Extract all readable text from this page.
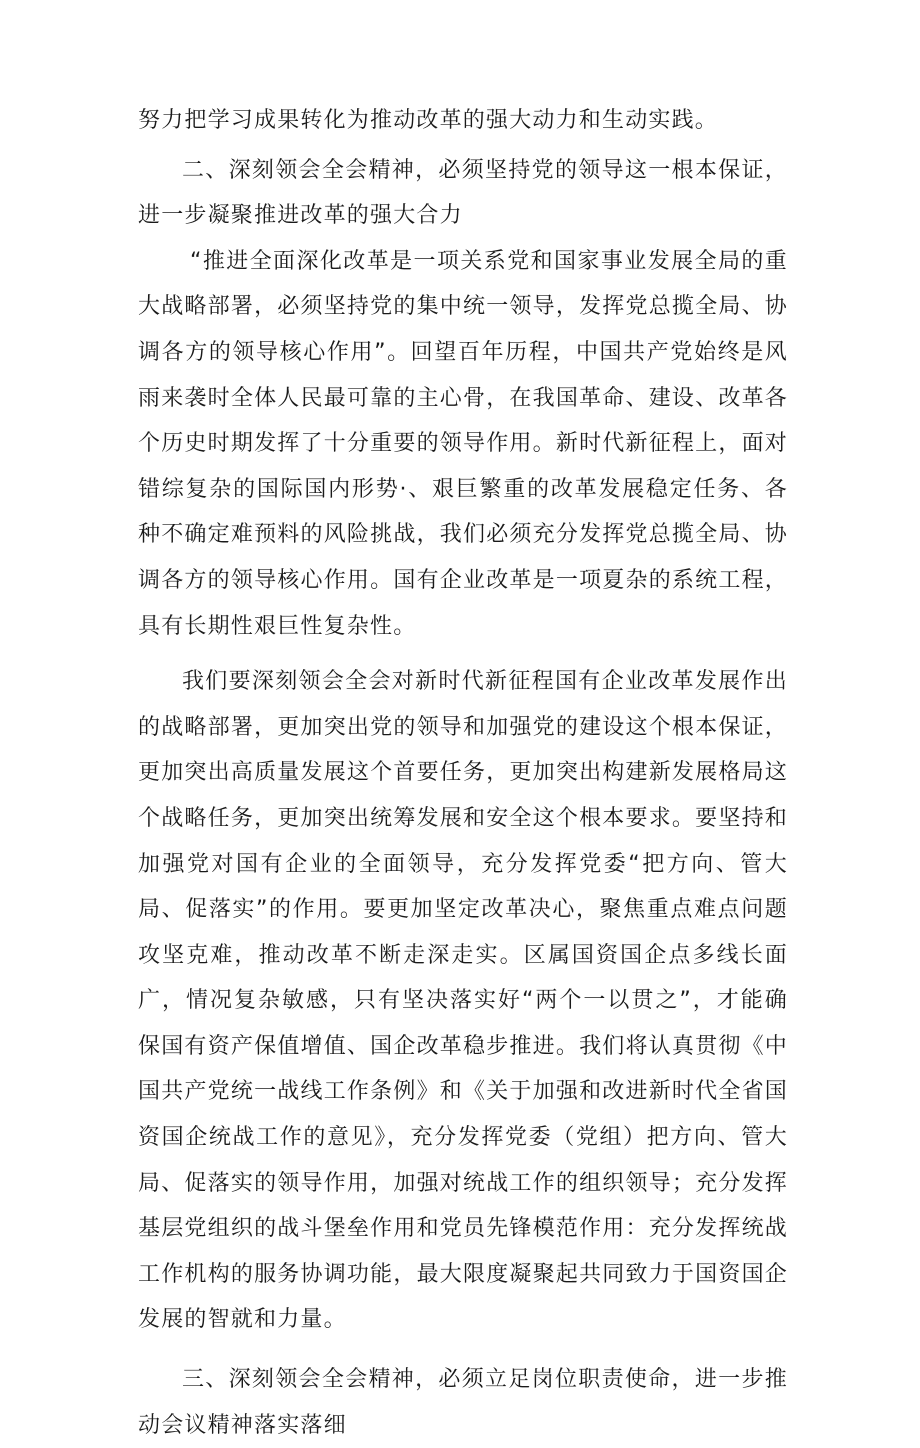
努力把学习成果转化为推动改革的强大动力和生动实践。

二、深刻领会全会精神，必须坚持党的领导这一根本保证，进一步凝聚推进改革的强大合力

“推进全面深化改革是一项关系党和国家事业发展全局的重大战略部署，必须坚持党的集中统一领导，发挥党总揽全局、协调各方的领导核心作用”。回望百年历程，中国共产党始终是风雨来袭时全体人民最可靠的主心骨，在我国革命、建设、改革各个历史时期发挥了十分重要的领导作用。新时代新征程上，面对错综复杂的国际国内形势·、艰巨繁重的改革发展稳定任务、各种不确定难预料的风险挑战，我们必须充分发挥党总揽全局、协调各方的领导核心作用。国有企业改革是一项夏杂的系统工程，具有长期性艰巨性复杂性。

我们要深刻领会全会对新时代新征程国有企业改革发展作出的战略部署，更加突出党的领导和加强党的建设这个根本保证，更加突出高质量发展这个首要任务，更加突出构建新发展格局这个战略任务，更加突出统筹发展和安全这个根本要求。要坚持和加强党对国有企业的全面领导，充分发挥党委“把方向、管大局、促落实”的作用。要更加坚定改革决心，聚焦重点难点问题攻坚克难，推动改革不断走深走实。区属国资国企点多线长面广，情况复杂敏感，只有坚决落实好“两个一以贯之”，才能确保国有资产保值增值、国企改革稳步推进。我们将认真贯彻《中国共产党统一战线工作条例》和《关于加强和改进新时代全省国资国企统战工作的意见》，充分发挥党委（党组）把方向、管大局、促落实的领导作用，加强对统战工作的组织领导；充分发挥基层党组织的战斗堡垒作用和党员先锋模范作用：充分发挥统战工作机构的服务协调功能，最大限度凝聚起共同致力于国资国企发展的智就和力量。

三、深刻领会全会精神，必须立足岗位职责使命，进一步推动会议精神落实落细
